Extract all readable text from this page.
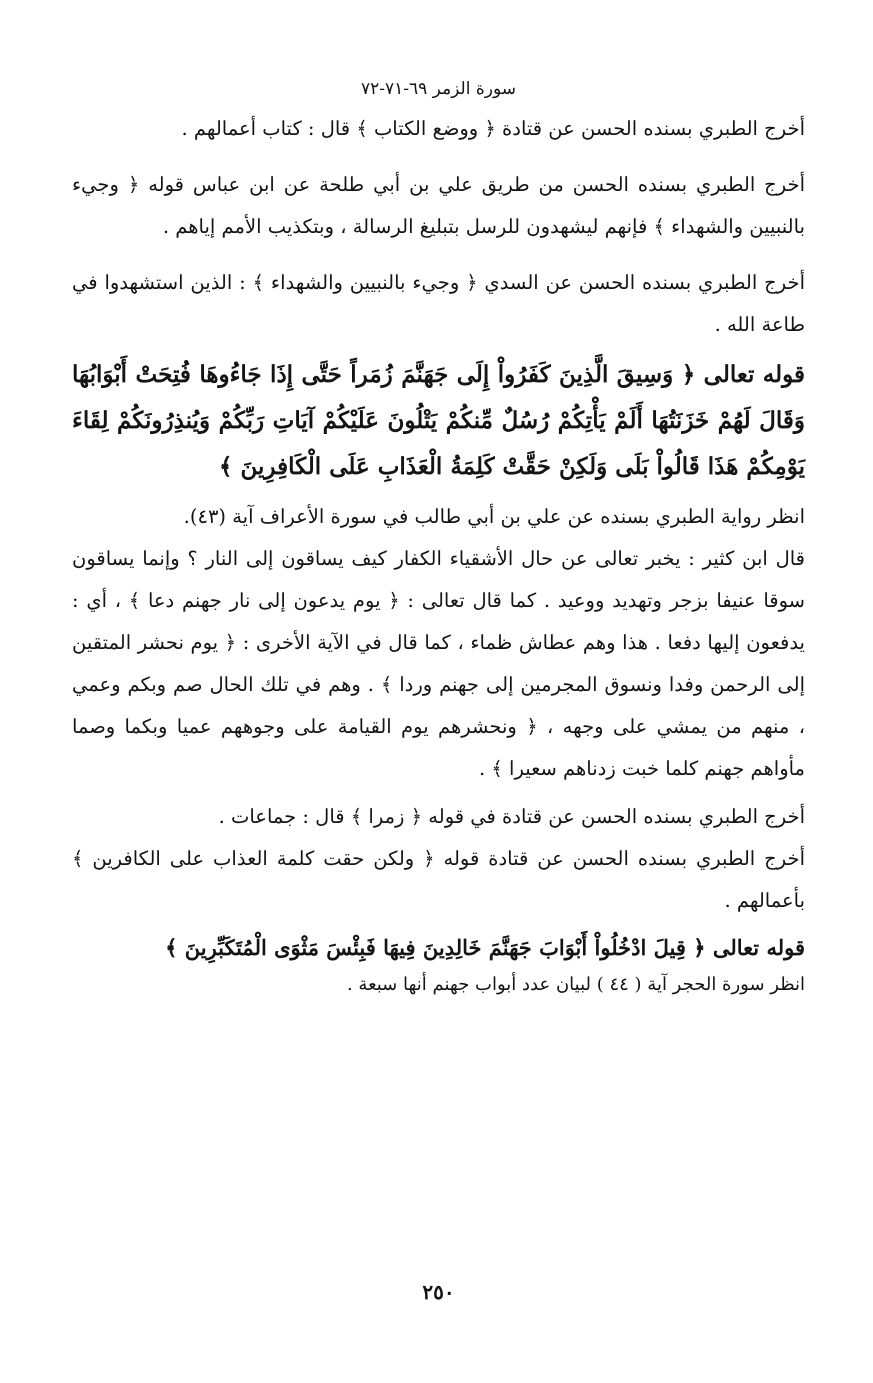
سورة الزمر ٦٩-٧١-٧٢

أخرج الطبري بسنده الحسن عن قتادة ﴿ ووضع الكتاب ﴾ قال : كتاب أعمالهم .

أخرج الطبري بسنده الحسن من طريق علي بن أبي طلحة عن ابن عباس قوله ﴿ وجيء بالنبيين والشهداء ﴾ فإنهم ليشهدون للرسل بتبليغ الرسالة ، وبتكذيب الأمم إياهم .

أخرج الطبري بسنده الحسن عن السدي ﴿ وجيء بالنبيين والشهداء ﴾ : الذين استشهدوا في طاعة الله .

قوله تعالى ﴿ وَسِيقَ الَّذِينَ كَفَرُواْ إِلَى جَهَنَّمَ زُمَراً حَتَّى إِذَا جَاءُوهَا فُتِحَتْ أَبْوَابُهَا وَقَالَ لَهُمْ خَزَنَتُهَا أَلَمْ يَأْتِكُمْ رُسُلٌ مِّنكُمْ يَتْلُونَ عَلَيْكُمْ آيَاتِ رَبِّكُمْ وَيُنذِرُونَكُمْ لِقَاءَ يَوْمِكُمْ هَذَا قَالُواْ بَلَى وَلَكِنْ حَقَّتْ كَلِمَةُ الْعَذَابِ عَلَى الْكَافِرِينَ ﴾

انظر رواية الطبري بسنده عن علي بن أبي طالب في سورة الأعراف آية (٤٣).

قال ابن كثير : يخبر تعالى عن حال الأشقياء الكفار كيف يساقون إلى النار ؟ وإنما يساقون سوقا عنيفا بزجر وتهديد ووعيد . كما قال تعالى : ﴿ يوم يدعون إلى نار جهنم دعا ﴾ ، أي : يدفعون إليها دفعا . هذا وهم عطاش ظماء ، كما قال في الآية الأخرى : ﴿ يوم نحشر المتقين إلى الرحمن وفدا ونسوق المجرمين إلى جهنم وردا ﴾ . وهم في تلك الحال صم وبكم وعمي ، منهم من يمشي على وجهه ، ﴿ ونحشرهم يوم القيامة على وجوههم عميا وبكما وصما مأواهم جهنم كلما خبت زدناهم سعيرا ﴾ .

أخرج الطبري بسنده الحسن عن قتادة في قوله ﴿ زمرا ﴾ قال : جماعات .

أخرج الطبري بسنده الحسن عن قتادة قوله ﴿ ولكن حقت كلمة العذاب على الكافرين ﴾ بأعمالهم .

قوله تعالى ﴿ قِيلَ ادْخُلُواْ أَبْوَابَ جَهَنَّمَ خَالِدِينَ فِيهَا فَبِئْسَ مَثْوَى الْمُتَكَبِّرِينَ ﴾

انظر سورة الحجر آية ( ٤٤ ) لبيان عدد أبواب جهنم أنها سبعة .

٢٥٠
